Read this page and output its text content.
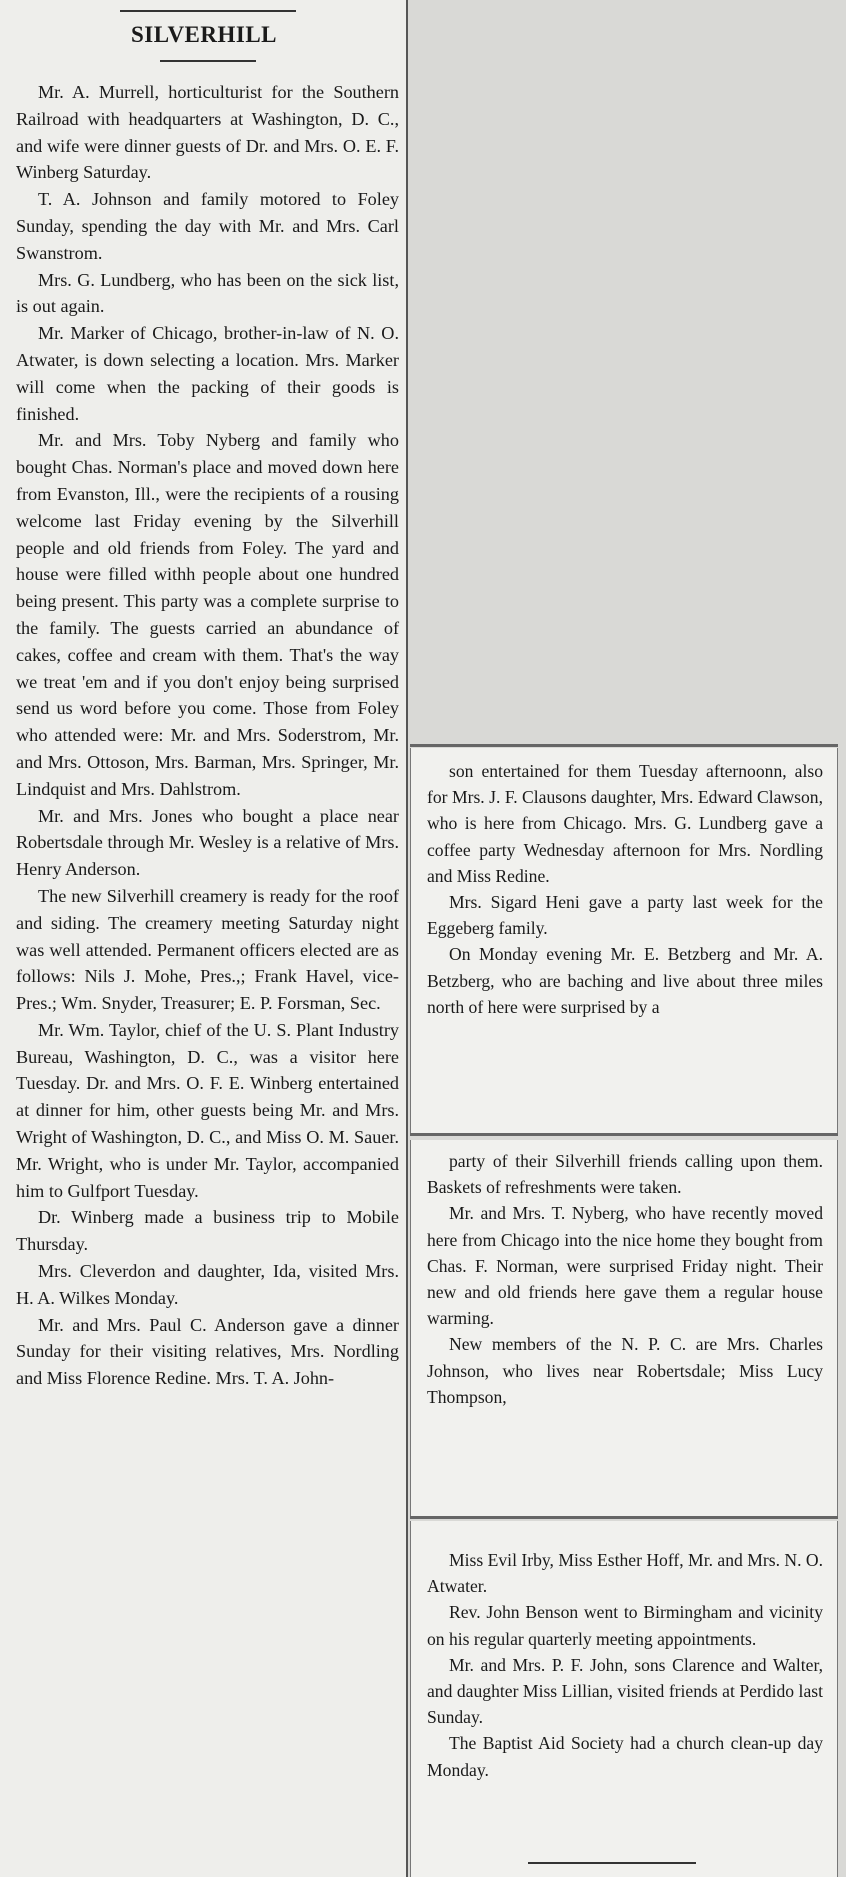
SILVERHILL

Mr. A. Murrell, horticulturist for the Southern Railroad with headquarters at Washington, D. C., and wife were dinner guests of Dr. and Mrs. O. E. F. Winberg Saturday.

T. A. Johnson and family motored to Foley Sunday, spending the day with Mr. and Mrs. Carl Swanstrom.

Mrs. G. Lundberg, who has been on the sick list, is out again.

Mr. Marker of Chicago, brother-in-law of N. O. Atwater, is down selecting a location. Mrs. Marker will come when the packing of their goods is finished.

Mr. and Mrs. Toby Nyberg and family who bought Chas. Norman's place and moved down here from Evanston, Ill., were the recipients of a rousing welcome last Friday evening by the Silverhill people and old friends from Foley. The yard and house were filled withh people about one hundred being present. This party was a complete surprise to the family. The guests carried an abundance of cakes, coffee and cream with them. That's the way we treat 'em and if you don't enjoy being surprised send us word before you come. Those from Foley who attended were: Mr. and Mrs. Soderstrom, Mr. and Mrs. Ottoson, Mrs. Barman, Mrs. Springer, Mr. Lindquist and Mrs. Dahlstrom.

Mr. and Mrs. Jones who bought a place near Robertsdale through Mr. Wesley is a relative of Mrs. Henry Anderson.

The new Silverhill creamery is ready for the roof and siding. The creamery meeting Saturday night was well attended. Permanent officers elected are as follows: Nils J. Mohe, Pres.,; Frank Havel, vice-Pres.; Wm. Snyder, Treasurer; E. P. Forsman, Sec.

Mr. Wm. Taylor, chief of the U. S. Plant Industry Bureau, Washington, D. C., was a visitor here Tuesday. Dr. and Mrs. O. F. E. Winberg entertained at dinner for him, other guests being Mr. and Mrs. Wright of Washington, D. C., and Miss O. M. Sauer. Mr. Wright, who is under Mr. Taylor, accompanied him to Gulfport Tuesday.

Dr. Winberg made a business trip to Mobile Thursday.

Mrs. Cleverdon and daughter, Ida, visited Mrs. H. A. Wilkes Monday.

Mr. and Mrs. Paul C. Anderson gave a dinner Sunday for their visiting relatives, Mrs. Nordling and Miss Florence Redine. Mrs. T. A. John-

son entertained for them Tuesday afternoonn, also for Mrs. J. F. Clausons daughter, Mrs. Edward Clawson, who is here from Chicago. Mrs. G. Lundberg gave a coffee party Wednesday afternoon for Mrs. Nordling and Miss Redine.

Mrs. Sigard Heni gave a party last week for the Eggeberg family.

On Monday evening Mr. E. Betzberg and Mr. A. Betzberg, who are baching and live about three miles north of here were surprised by a

party of their Silverhill friends calling upon them. Baskets of refreshments were taken.

Mr. and Mrs. T. Nyberg, who have recently moved here from Chicago into the nice home they bought from Chas. F. Norman, were surprised Friday night. Their new and old friends here gave them a regular house warming.

New members of the N. P. C. are Mrs. Charles Johnson, who lives near Robertsdale; Miss Lucy Thompson,

Miss Evil Irby, Miss Esther Hoff, Mr. and Mrs. N. O. Atwater.

Rev. John Benson went to Birmingham and vicinity on his regular quarterly meeting appointments.

Mr. and Mrs. P. F. John, sons Clarence and Walter, and daughter Miss Lillian, visited friends at Perdido last Sunday.

The Baptist Aid Society had a church clean-up day Monday.
